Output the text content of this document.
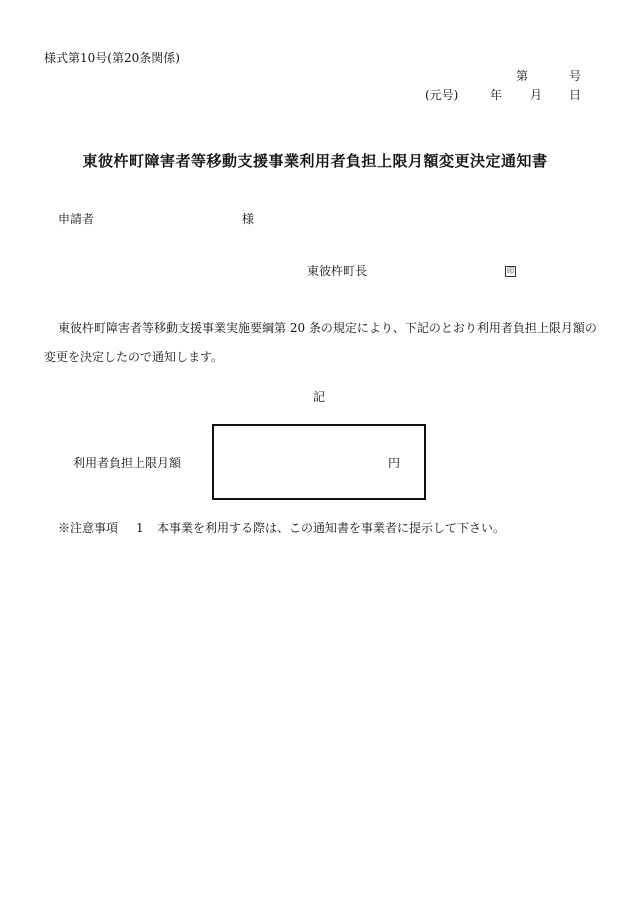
様式第10号(第20条関係)
第	号
(元号)	年 月 日
東彼杵町障害者等移動支援事業利用者負担上限月額変更決定通知書
申請者	様
東彼杵町長	印
東彼杵町障害者等移動支援事業実施要綱第 20 条の規定により、下記のとおり利用者負担上限月額の変更を決定したので通知します。
記
利用者負担上限月額	円
※注意事項 1 本事業を利用する際は、この通知書を事業者に提示して下さい。
